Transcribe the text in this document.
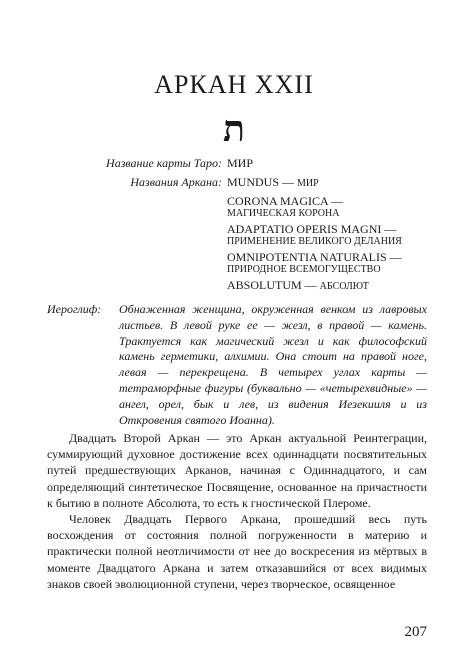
АРКАН XXII
ת
Название карты Таро: МИР
Названия Аркана: MUNDUS — МИР
CORONA MAGICA —
МАГИЧЕСКАЯ КОРОНА
ADAPTATIO OPERIS MAGNI —
ПРИМЕНЕНИЕ ВЕЛИКОГО ДЕЛАНИЯ
OMNIPOTENTIA NATURALIS —
ПРИРОДНОЕ ВСЕМОГУЩЕСТВО
ABSOLUTUM — АБСОЛЮТ
Иероглиф: Обнаженная женщина, окруженная венком из лавровых листьев. В левой руке ее — жезл, в правой — камень. Трактуется как магический жезл и как философский камень герметики, алхимии. Она стоит на правой ноге, левая — перекрещена. В четырех углах карты — тетраморфные фигуры (буквально — «четырехвидные» — ангел, орел, бык и лев, из видения Иезекииля и из Откровения святого Иоанна).

Двадцать Второй Аркан — это Аркан актуальной Реинтеграции, суммирующий духовное достижение всех одиннадцати посвятительных путей предшествующих Арканов, начиная с Одиннадцатого, и сам определяющий синтетическое Посвящение, основанное на причастности к бытию в полноте Абсолюта, то есть к гностической Плероме.

Человек Двадцать Первого Аркана, прошедший весь путь восхождения от состояния полной погруженности в материю и практически полной неотличимости от нее до воскресения из мёртвых в моменте Двадцатого Аркана и затем отказавшийся от всех видимых знаков своей эволюционной ступени, через творческое, освященное

207
